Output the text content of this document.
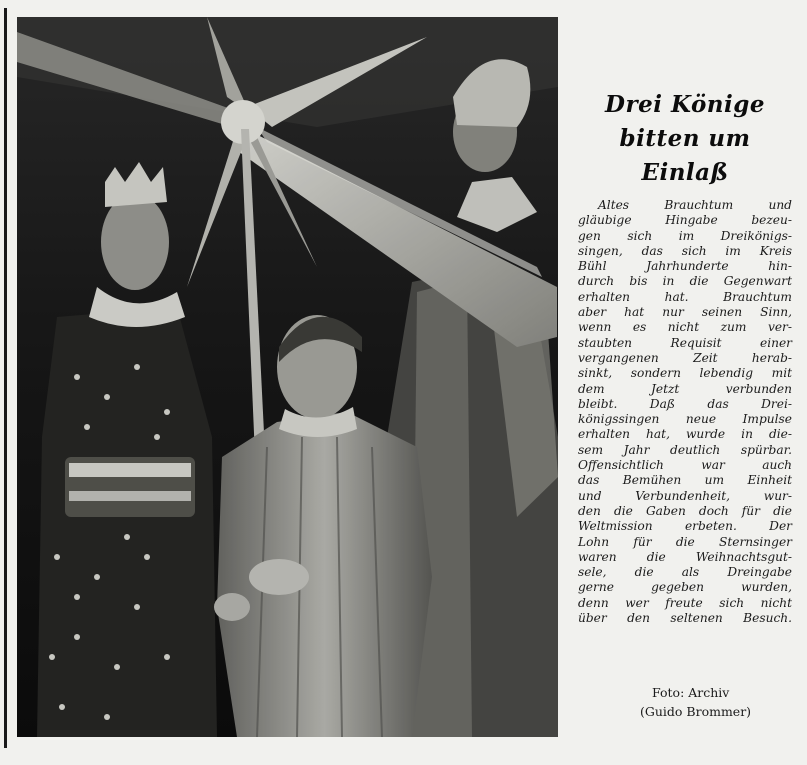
Drei Könige
bitten um Einlaß
Altes Brauchtum und
gläubige Hingabe bezeu-
gen sich im Dreikönigs-
singen, das sich im Kreis
Bühl Jahrhunderte hin-
durch bis in die Gegenwart
erhalten hat. Brauchtum
aber hat nur seinen Sinn,
wenn es nicht zum ver-
staubten Requisit einer
vergangenen Zeit herab-
sinkt, sondern lebendig mit
dem Jetzt verbunden
bleibt. Daß das Drei-
königssingen neue Impulse
erhalten hat, wurde in die-
sem Jahr deutlich spürbar.
Offensichtlich war auch
das Bemühen um Einheit
und Verbundenheit, wur-
den die Gaben doch für die
Weltmission erbeten. Der
Lohn für die Sternsinger
waren die Weihnachtsgut-
sele, die als Dreingabe
gerne gegeben wurden,
denn wer freute sich nicht
über den seltenen Besuch.
Foto: Archiv
(Guido Brommer)
